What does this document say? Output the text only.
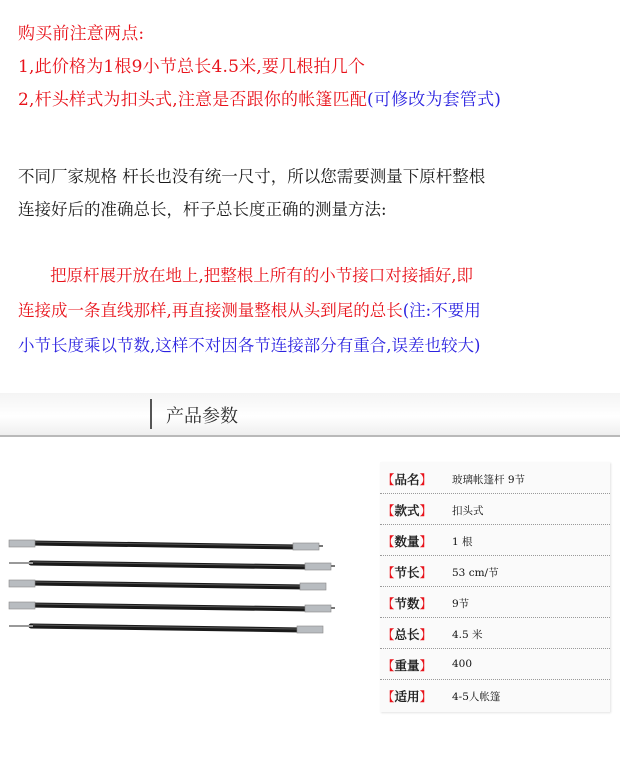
购买前注意两点:
1,此价格为1根9小节总长4.5米,要几根拍几个
2,杆头样式为扣头式,注意是否跟你的帐篷匹配(可修改为套管式)
不同厂家规格 杆长也没有统一尺寸，所以您需要测量下原杆整根
连接好后的准确总长，杆子总长度正确的测量方法:
把原杆展开放在地上,把整根上所有的小节接口对接插好,即
连接成一条直线那样,再直接测量整根从头到尾的总长(注:不要用
小节长度乘以节数,这样不对因各节连接部分有重合,误差也较大)
产品参数
【品名】 玻璃帐篷杆 9节
【款式】 扣头式
【数量】 1 根
【节长】 53 cm/节
【节数】 9节
【总长】 4.5 米
【重量】 400
【适用】 4-5人帐篷
